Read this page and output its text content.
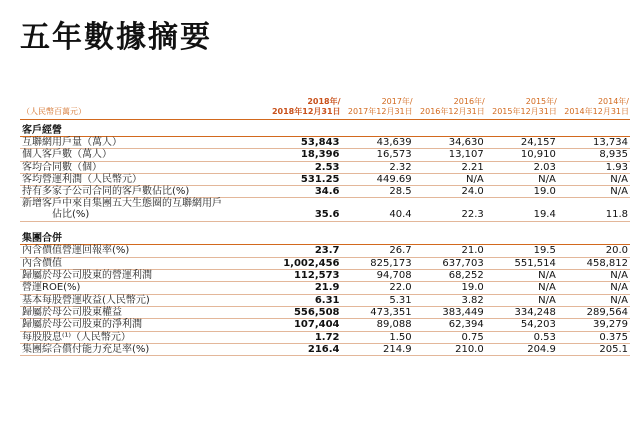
五年數據摘要
	2018年/	2017年/	2016年/	2015年/	2014年/
（人民幣百萬元）	2018年12月31日	2017年12月31日	2016年12月31日	2015年12月31日	2014年12月31日
客戶經營					
互聯網用戶量（萬人）	53,843	43,639	34,630	24,157	13,734
個人客戶數（萬人）	18,396	16,573	13,107	10,910	8,935
客均合同數（個）	2.53	2.32	2.21	2.03	1.93
客均營運利潤（人民幣元）	531.25	449.69	N/A	N/A	N/A
持有多家子公司合同的客戶數佔比(%)	34.6	28.5	24.0	19.0	N/A
新增客戶中來自集團五大生態圈的互聯網用戶
佔比(%)	35.6	40.4	22.3	19.4	11.8

集團合併					
內含價值營運回報率(%)	23.7	26.7	21.0	19.5	20.0
內含價值	1,002,456	825,173	637,703	551,514	458,812
歸屬於母公司股東的營運利潤	112,573	94,708	68,252	N/A	N/A
營運ROE(%)	21.9	22.0	19.0	N/A	N/A
基本每股營運收益(人民幣元)	6.31	5.31	3.82	N/A	N/A
歸屬於母公司股東權益	556,508	473,351	383,449	334,248	289,564
歸屬於母公司股東的淨利潤	107,404	89,088	62,394	54,203	39,279
每股股息⁽¹⁾（人民幣元）	1.72	1.50	0.75	0.53	0.375
集團綜合償付能力充足率(%)	216.4	214.9	210.0	204.9	205.1
